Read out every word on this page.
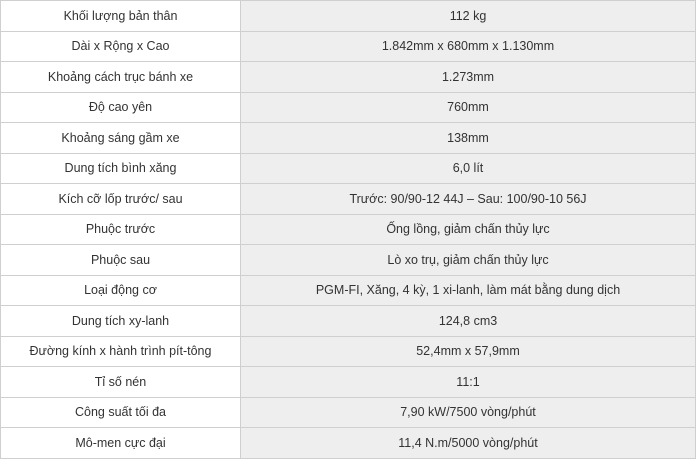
Khối lượng bản thân	112 kg
Dài x Rộng x Cao	1.842mm x 680mm x 1.130mm
Khoảng cách trục bánh xe	1.273mm
Độ cao yên	760mm
Khoảng sáng gầm xe	138mm
Dung tích bình xăng	6,0 lít
Kích cỡ lốp trước/ sau	Trước: 90/90-12 44J – Sau: 100/90-10 56J
Phuộc trước	Ống lồng, giảm chấn thủy lực
Phuộc sau	Lò xo trụ, giảm chấn thủy lực
Loại động cơ	PGM-FI, Xăng, 4 kỳ, 1 xi-lanh, làm mát bằng dung dịch
Dung tích xy-lanh	124,8 cm3
Đường kính x hành trình pít-tông	52,4mm x 57,9mm
Tỉ số nén	11:1
Công suất tối đa	7,90 kW/7500 vòng/phút
Mô-men cực đại	11,4 N.m/5000 vòng/phút
